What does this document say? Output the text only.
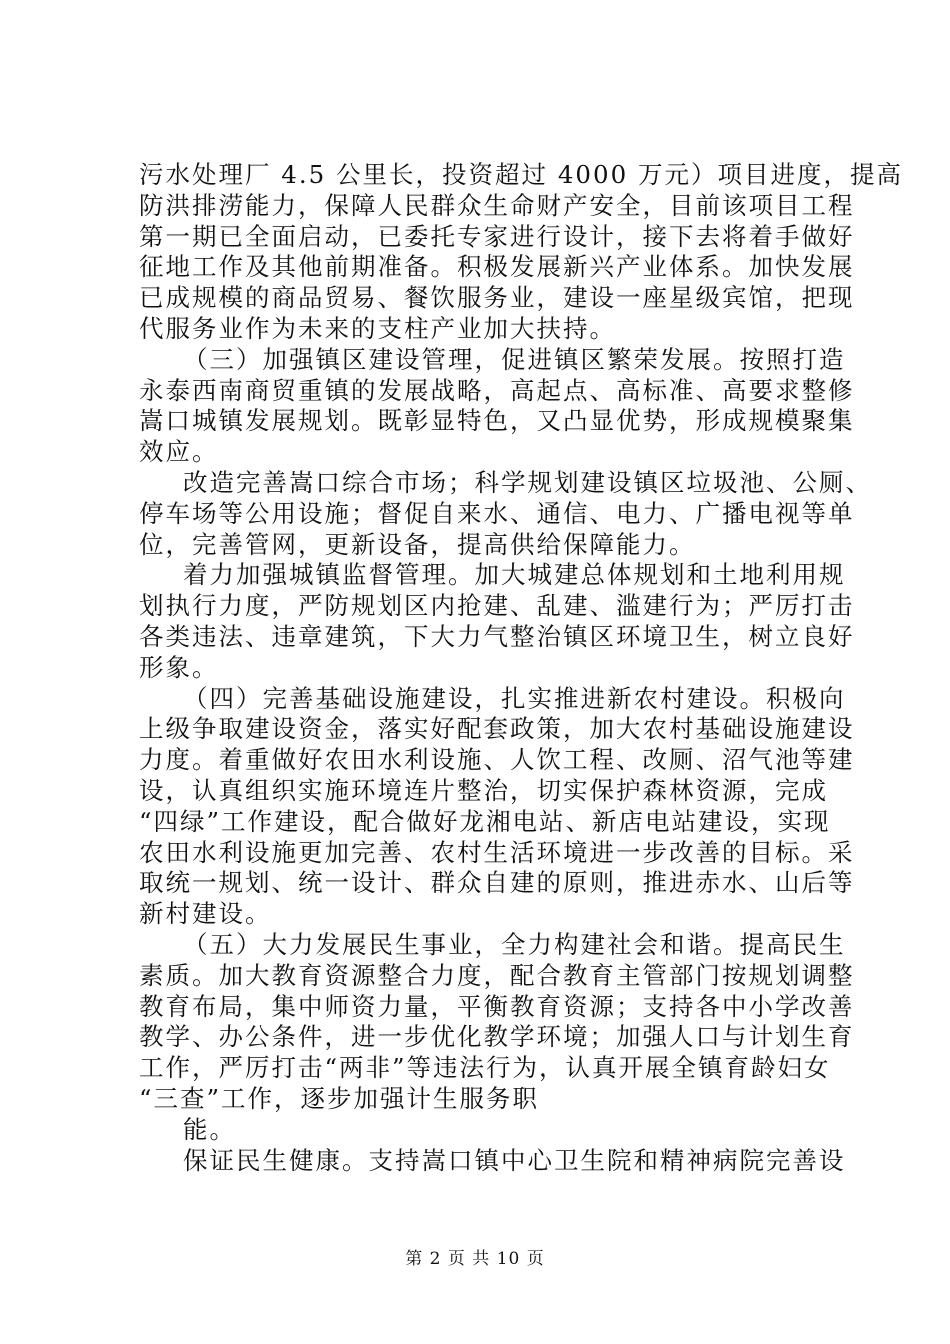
污水处理厂 4.5 公里长，投资超过 4000 万元）项目进度，提高
防洪排涝能力，保障人民群众生命财产安全，目前该项目工程
第一期已全面启动，已委托专家进行设计，接下去将着手做好
征地工作及其他前期准备。积极发展新兴产业体系。加快发展
已成规模的商品贸易、餐饮服务业，建设一座星级宾馆，把现
代服务业作为未来的支柱产业加大扶持。
（三）加强镇区建设管理，促进镇区繁荣发展。按照打造
永泰西南商贸重镇的发展战略，高起点、高标准、高要求整修
嵩口城镇发展规划。既彰显特色，又凸显优势，形成规模聚集
效应。
改造完善嵩口综合市场；科学规划建设镇区垃圾池、公厕、
停车场等公用设施；督促自来水、通信、电力、广播电视等单
位，完善管网，更新设备，提高供给保障能力。
着力加强城镇监督管理。加大城建总体规划和土地利用规
划执行力度，严防规划区内抢建、乱建、滥建行为；严厉打击
各类违法、违章建筑，下大力气整治镇区环境卫生，树立良好
形象。
（四）完善基础设施建设，扎实推进新农村建设。积极向
上级争取建设资金，落实好配套政策，加大农村基础设施建设
力度。着重做好农田水利设施、人饮工程、改厕、沼气池等建
设，认真组织实施环境连片整治，切实保护森林资源，完成
“四绿”工作建设，配合做好龙湘电站、新店电站建设，实现
农田水利设施更加完善、农村生活环境进一步改善的目标。采
取统一规划、统一设计、群众自建的原则，推进赤水、山后等
新村建设。
（五）大力发展民生事业，全力构建社会和谐。提高民生
素质。加大教育资源整合力度，配合教育主管部门按规划调整
教育布局，集中师资力量，平衡教育资源；支持各中小学改善
教学、办公条件，进一步优化教学环境；加强人口与计划生育
工作，严厉打击“两非”等违法行为，认真开展全镇育龄妇女
“三查”工作，逐步加强计生服务职
能。
保证民生健康。支持嵩口镇中心卫生院和精神病院完善设
第 2 页 共 10 页
